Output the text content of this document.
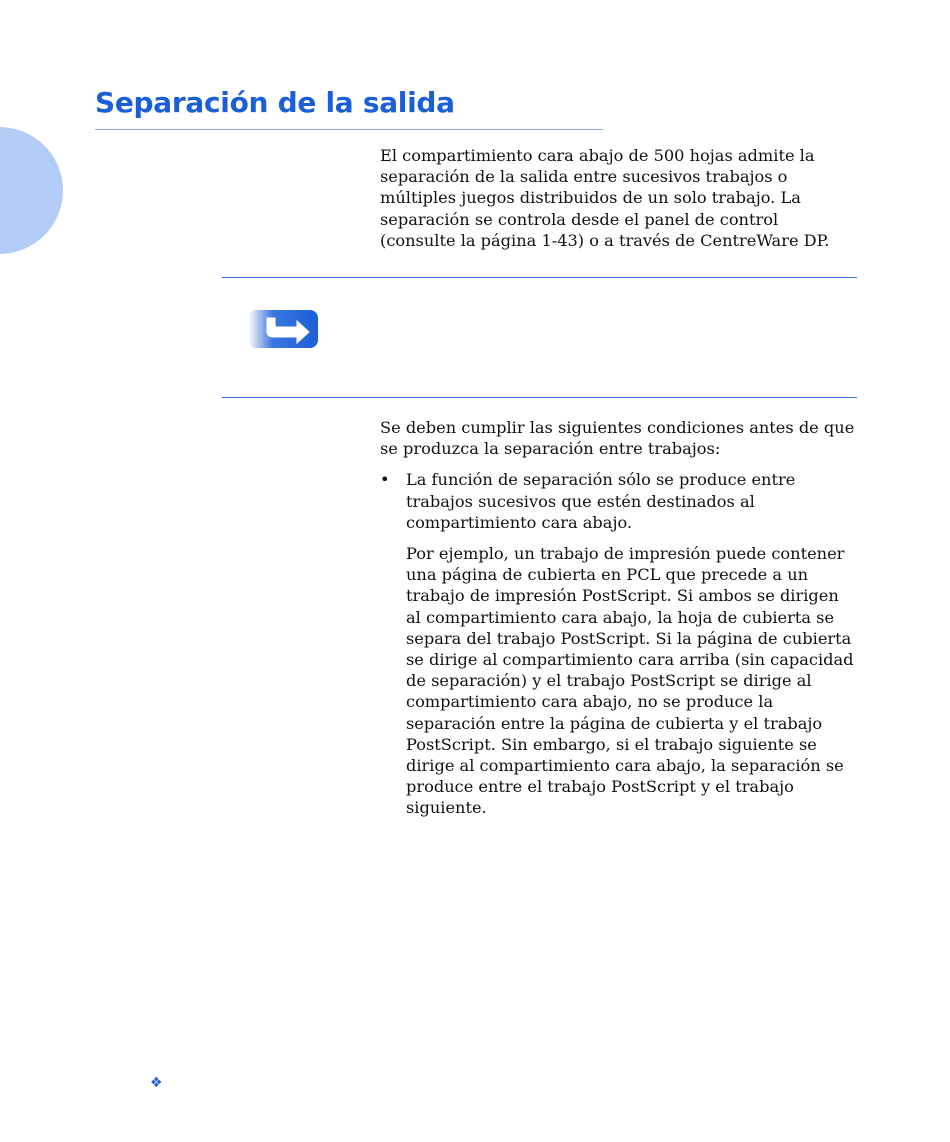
Separación de la salida

El compartimiento cara abajo de 500 hojas admite la separación de la salida entre sucesivos trabajos o múltiples juegos distribuidos de un solo trabajo. La separación se controla desde el panel de control (consulte la página 1-43) o a través de CentreWare DP.

Se deben cumplir las siguientes condiciones antes de que se produzca la separación entre trabajos:

• La función de separación sólo se produce entre trabajos sucesivos que estén destinados al compartimiento cara abajo.

Por ejemplo, un trabajo de impresión puede contener una página de cubierta en PCL que precede a un trabajo de impresión PostScript. Si ambos se dirigen al compartimiento cara abajo, la hoja de cubierta se separa del trabajo PostScript. Si la página de cubierta se dirige al compartimiento cara arriba (sin capacidad de separación) y el trabajo PostScript se dirige al compartimiento cara abajo, no se produce la separación entre la página de cubierta y el trabajo PostScript. Sin embargo, si el trabajo siguiente se dirige al compartimiento cara abajo, la separación se produce entre el trabajo PostScript y el trabajo siguiente.

❖
